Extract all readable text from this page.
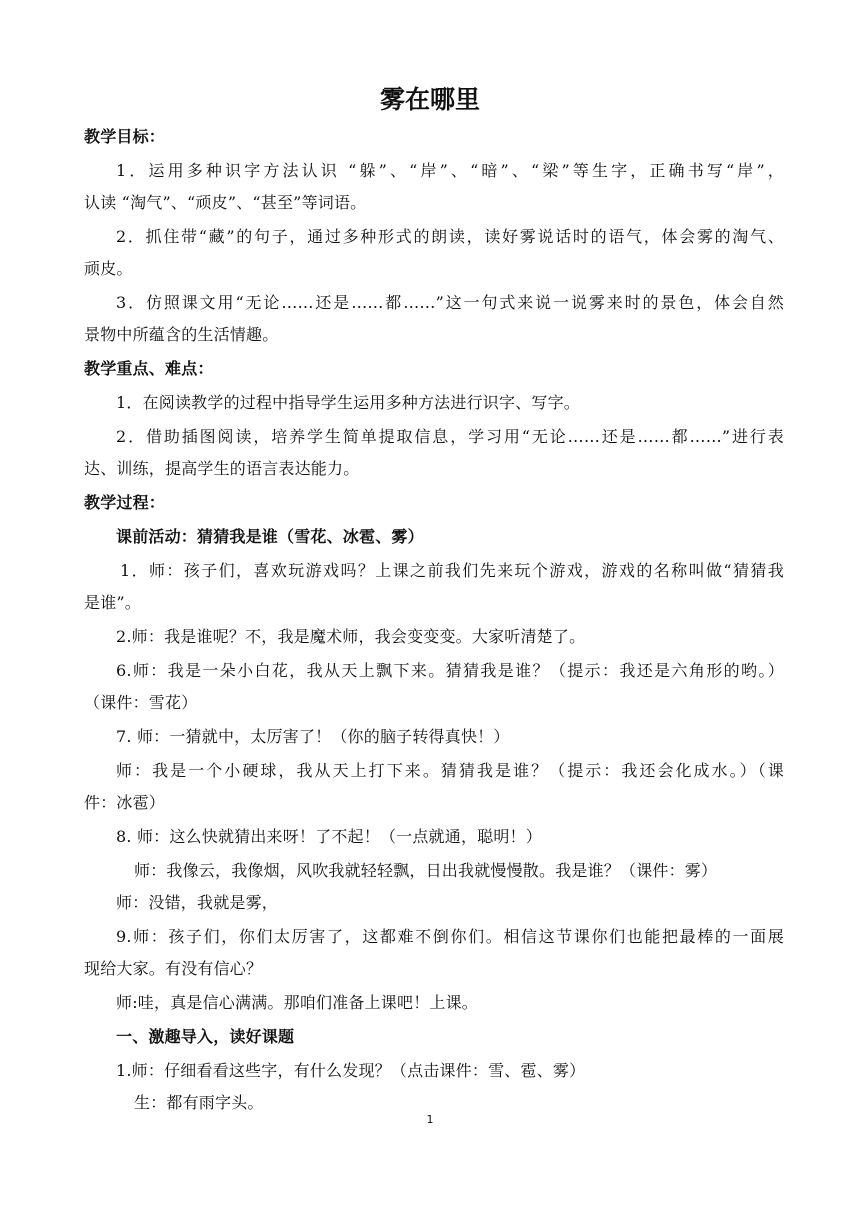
雾在哪里
教学目标：
1．运用多种识字方法认识 “躲”、“岸”、“暗”、“梁”等生字，正确书写“岸”，
认读 “淘气”、“顽皮”、“甚至”等词语。
2．抓住带“藏”的句子，通过多种形式的朗读，读好雾说话时的语气，体会雾的淘气、
顽皮。
3．仿照课文用“无论……还是……都……”这一句式来说一说雾来时的景色，体会自然
景物中所蕴含的生活情趣。
教学重点、难点：
1．在阅读教学的过程中指导学生运用多种方法进行识字、写字。
2．借助插图阅读，培养学生简单提取信息，学习用“无论……还是……都……”进行表
达、训练，提高学生的语言表达能力。
教学过程：
课前活动：猜猜我是谁（雪花、冰雹、雾）
1．师：孩子们，喜欢玩游戏吗？上课之前我们先来玩个游戏，游戏的名称叫做“猜猜我
是谁”。
2.师：我是谁呢？不，我是魔术师，我会变变变。大家听清楚了。
6.师：我是一朵小白花，我从天上飘下来。猜猜我是谁？（提示：我还是六角形的哟。）
（课件：雪花）
7. 师：一猜就中，太厉害了！（你的脑子转得真快！）
师：我是一个小硬球，我从天上打下来。猜猜我是谁？（提示：我还会化成水。）（课
件：冰雹）
8. 师：这么快就猜出来呀！了不起！（一点就通，聪明！）
师：我像云，我像烟，风吹我就轻轻飘，日出我就慢慢散。我是谁？（课件：雾）
师：没错，我就是雾，
9.师：孩子们，你们太厉害了，这都难不倒你们。相信这节课你们也能把最棒的一面展
现给大家。有没有信心？
师:哇，真是信心满满。那咱们准备上课吧！上课。
一、激趣导入，读好课题
1.师：仔细看看这些字，有什么发现？（点击课件：雪、雹、雾）
生：都有雨字头。
1
